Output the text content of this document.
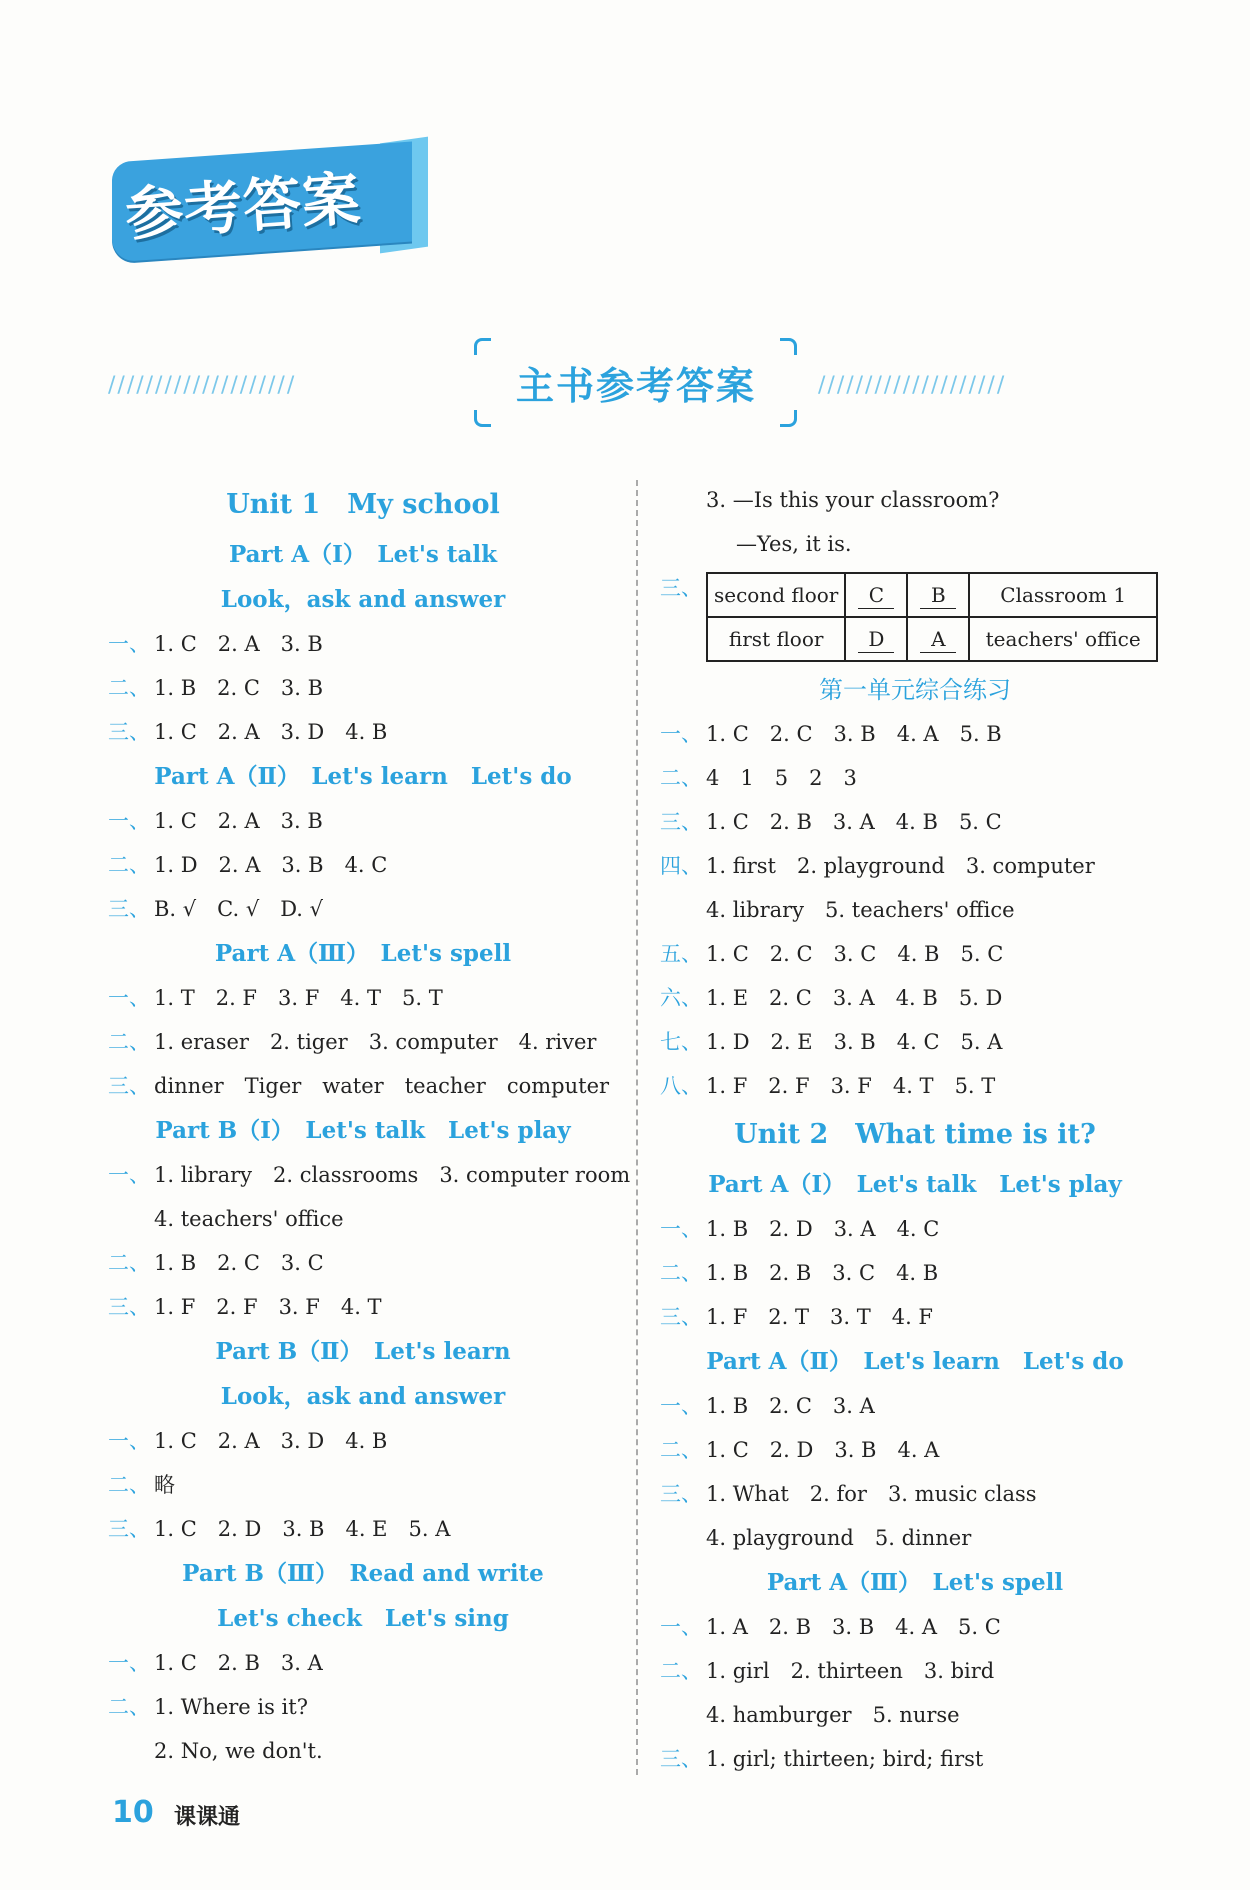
参考答案
////////////////////	////////////////////
主书参考答案
Unit 1　My school
Part A（Ⅰ）　Let's talk
Look，ask and answer
一、 1. C　2. A　3. B
二、 1. B　2. C　3. B
三、 1. C　2. A　3. D　4. B
Part A（Ⅱ）　Let's learn　Let's do
一、 1. C　2. A　3. B
二、 1. D　2. A　3. B　4. C
三、 B. √　C. √　D. √
Part A（Ⅲ）　Let's spell
一、 1. T　2. F　3. F　4. T　5. T
二、 1. eraser　2. tiger　3. computer　4. river
三、 dinner　Tiger　water　teacher　computer
Part B（Ⅰ）　Let's talk　Let's play
一、 1. library　2. classrooms　3. computer room
4. teachers' office
二、 1. B　2. C　3. C
三、 1. F　2. F　3. F　4. T
Part B（Ⅱ）　Let's learn
Look，ask and answer
一、 1. C　2. A　3. D　4. B
二、 略
三、 1. C　2. D　3. B　4. E　5. A
Part B（Ⅲ）　Read and write
Let's check　Let's sing
一、 1. C　2. B　3. A
二、 1. Where is it?
2. No, we don't.
3. —Is this your classroom?
—Yes, it is.
三、 second floor	C	B	Classroom 1
first floor	D	A	teachers' office
第一单元综合练习
一、 1. C　2. C　3. B　4. A　5. B
二、 4　1　5　2　3
三、 1. C　2. B　3. A　4. B　5. C
四、 1. first　2. playground　3. computer
4. library　5. teachers' office
五、 1. C　2. C　3. C　4. B　5. C
六、 1. E　2. C　3. A　4. B　5. D
七、 1. D　2. E　3. B　4. C　5. A
八、 1. F　2. F　3. F　4. T　5. T
Unit 2　What time is it?
Part A（Ⅰ）　Let's talk　Let's play
一、 1. B　2. D　3. A　4. C
二、 1. B　2. B　3. C　4. B
三、 1. F　2. T　3. T　4. F
Part A（Ⅱ）　Let's learn　Let's do
一、 1. B　2. C　3. A
二、 1. C　2. D　3. B　4. A
三、 1. What　2. for　3. music class
4. playground　5. dinner
Part A（Ⅲ）　Let's spell
一、 1. A　2. B　3. B　4. A　5. C
二、 1. girl　2. thirteen　3. bird
4. hamburger　5. nurse
三、 1. girl; thirteen; bird; first
10 课课通
